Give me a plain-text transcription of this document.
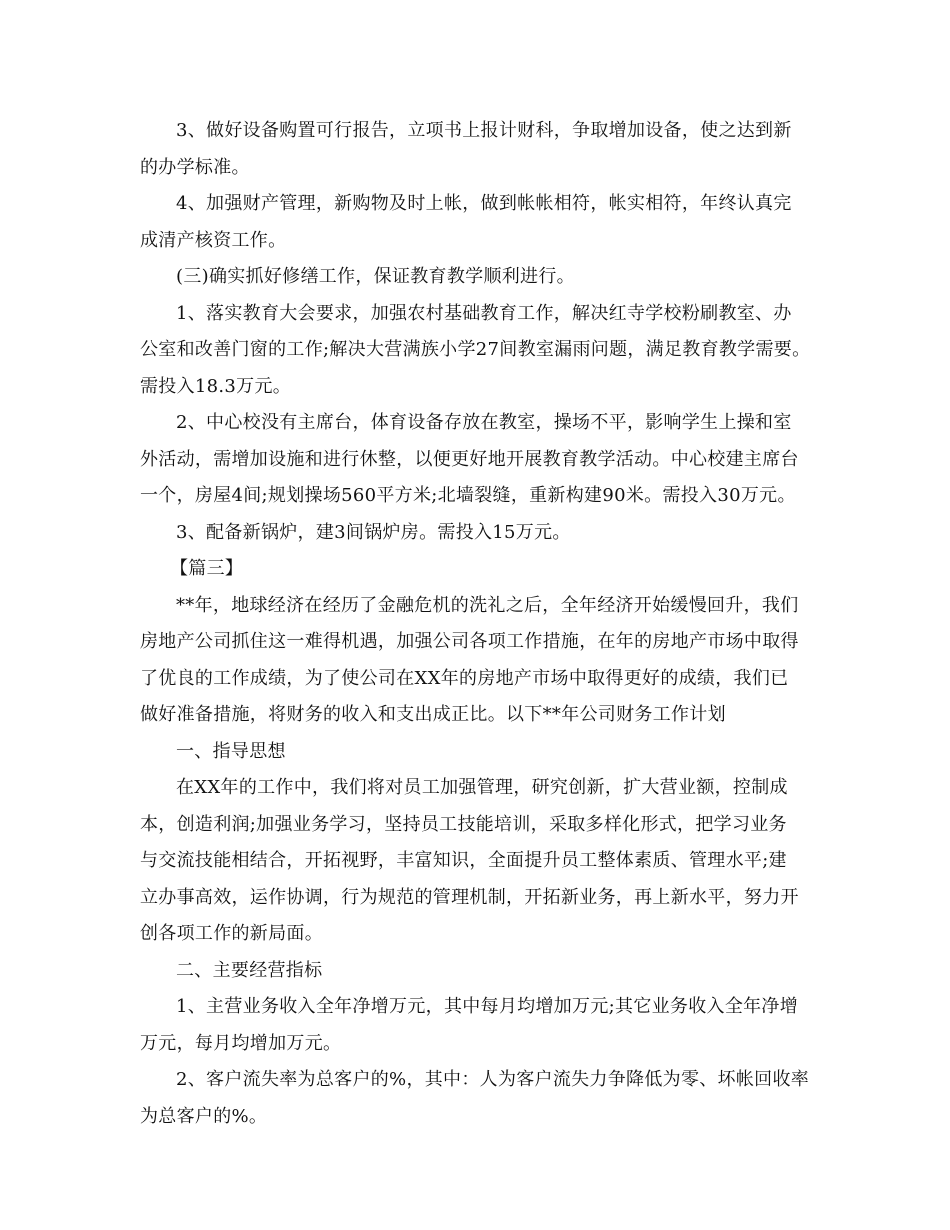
3、做好设备购置可行报告，立项书上报计财科，争取增加设备，使之达到新
的办学标准。
4、加强财产管理，新购物及时上帐，做到帐帐相符，帐实相符，年终认真完
成清产核资工作。
(三)确实抓好修缮工作，保证教育教学顺利进行。
1、落实教育大会要求，加强农村基础教育工作，解决红寺学校粉刷教室、办
公室和改善门窗的工作;解决大营满族小学27间教室漏雨问题，满足教育教学需要。
需投入18.3万元。
2、中心校没有主席台，体育设备存放在教室，操场不平，影响学生上操和室
外活动，需增加设施和进行休整，以便更好地开展教育教学活动。中心校建主席台
一个，房屋4间;规划操场560平方米;北墙裂缝，重新构建90米。需投入30万元。
3、配备新锅炉，建3间锅炉房。需投入15万元。
【篇三】
**年，地球经济在经历了金融危机的洗礼之后，全年经济开始缓慢回升，我们
房地产公司抓住这一难得机遇，加强公司各项工作措施，在年的房地产市场中取得
了优良的工作成绩，为了使公司在XX年的房地产市场中取得更好的成绩，我们已
做好准备措施，将财务的收入和支出成正比。以下**年公司财务工作计划
一、指导思想
在XX年的工作中，我们将对员工加强管理，研究创新，扩大营业额，控制成
本，创造利润;加强业务学习，坚持员工技能培训，采取多样化形式，把学习业务
与交流技能相结合，开拓视野，丰富知识，全面提升员工整体素质、管理水平;建
立办事高效，运作协调，行为规范的管理机制，开拓新业务，再上新水平，努力开
创各项工作的新局面。
二、主要经营指标
1、主营业务收入全年净增万元，其中每月均增加万元;其它业务收入全年净增
万元，每月均增加万元。
2、客户流失率为总客户的%，其中：人为客户流失力争降低为零、坏帐回收率
为总客户的%。
